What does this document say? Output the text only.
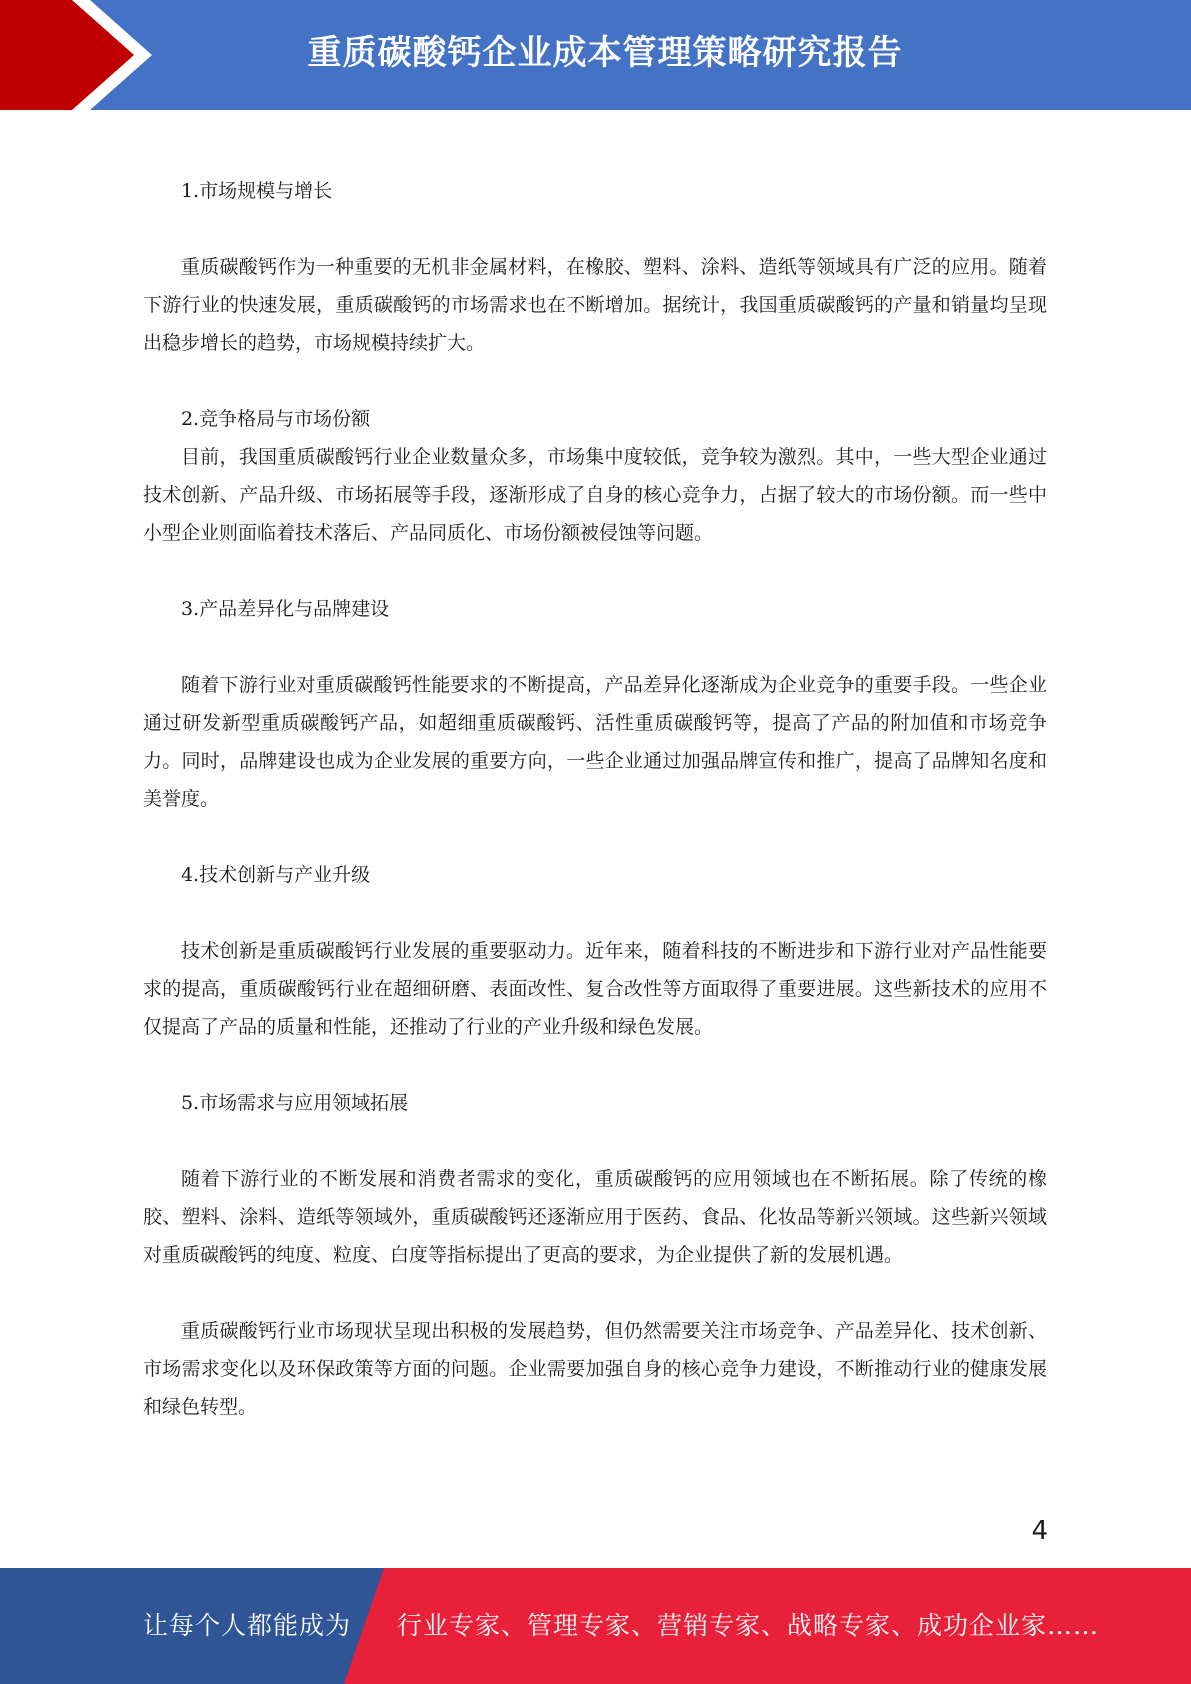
重质碳酸钙企业成本管理策略研究报告

1.市场规模与增长

重质碳酸钙作为一种重要的无机非金属材料，在橡胶、塑料、涂料、造纸等领域具有广泛的应用。随着下游行业的快速发展，重质碳酸钙的市场需求也在不断增加。据统计，我国重质碳酸钙的产量和销量均呈现出稳步增长的趋势，市场规模持续扩大。

2.竞争格局与市场份额

目前，我国重质碳酸钙行业企业数量众多，市场集中度较低，竞争较为激烈。其中，一些大型企业通过技术创新、产品升级、市场拓展等手段，逐渐形成了自身的核心竞争力，占据了较大的市场份额。而一些中小型企业则面临着技术落后、产品同质化、市场份额被侵蚀等问题。

3.产品差异化与品牌建设

随着下游行业对重质碳酸钙性能要求的不断提高，产品差异化逐渐成为企业竞争的重要手段。一些企业通过研发新型重质碳酸钙产品，如超细重质碳酸钙、活性重质碳酸钙等，提高了产品的附加值和市场竞争力。同时，品牌建设也成为企业发展的重要方向，一些企业通过加强品牌宣传和推广，提高了品牌知名度和美誉度。

4.技术创新与产业升级

技术创新是重质碳酸钙行业发展的重要驱动力。近年来，随着科技的不断进步和下游行业对产品性能要求的提高，重质碳酸钙行业在超细研磨、表面改性、复合改性等方面取得了重要进展。这些新技术的应用不仅提高了产品的质量和性能，还推动了行业的产业升级和绿色发展。

5.市场需求与应用领域拓展

随着下游行业的不断发展和消费者需求的变化，重质碳酸钙的应用领域也在不断拓展。除了传统的橡胶、塑料、涂料、造纸等领域外，重质碳酸钙还逐渐应用于医药、食品、化妆品等新兴领域。这些新兴领域对重质碳酸钙的纯度、粒度、白度等指标提出了更高的要求，为企业提供了新的发展机遇。

重质碳酸钙行业市场现状呈现出积极的发展趋势，但仍然需要关注市场竞争、产品差异化、技术创新、市场需求变化以及环保政策等方面的问题。企业需要加强自身的核心竞争力建设，不断推动行业的健康发展和绿色转型。

4
让每个人都能成为 行业专家、管理专家、营销专家、战略专家、成功企业家……
